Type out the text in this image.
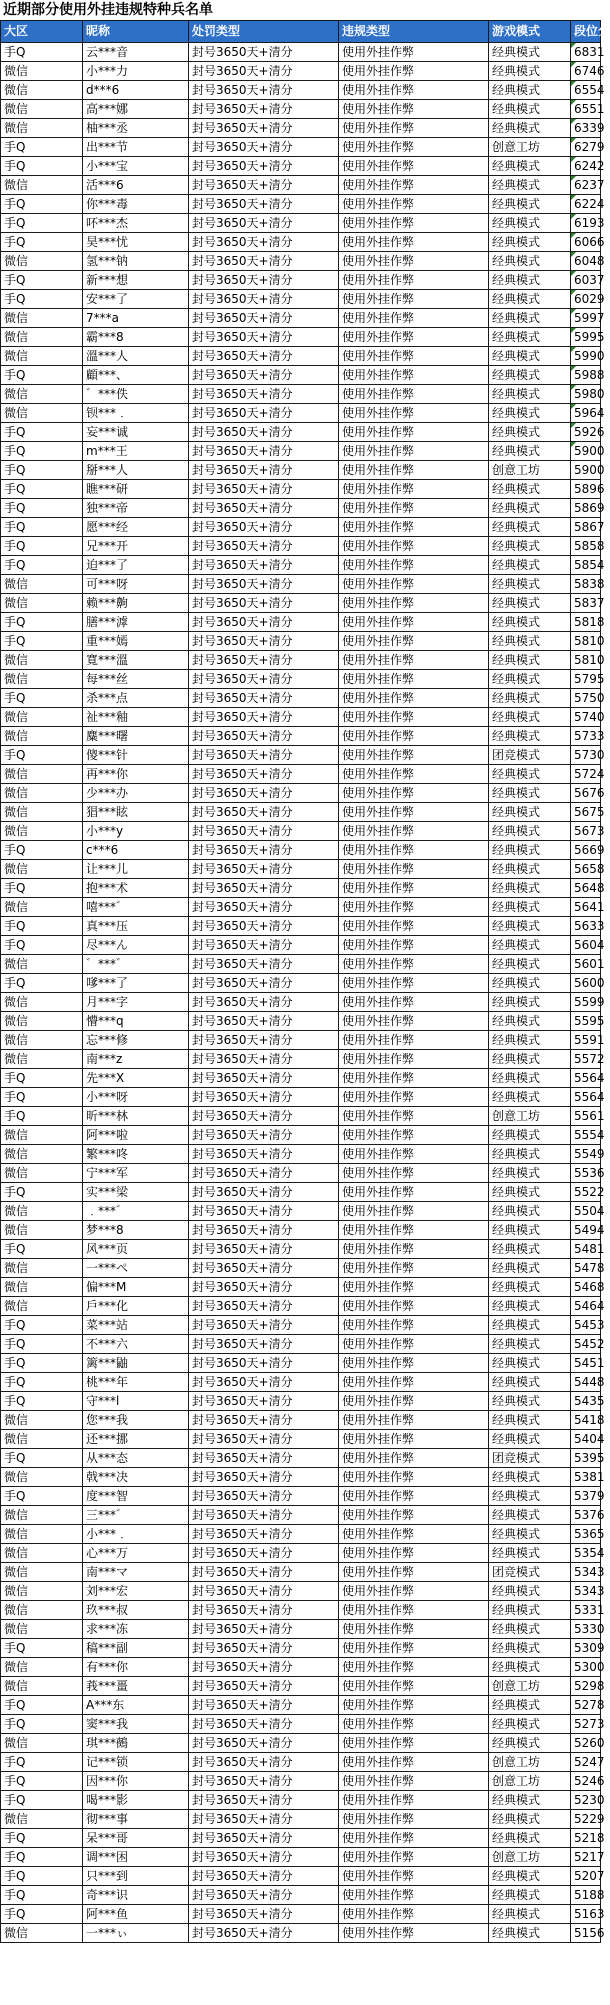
近期部分使用外挂违规特种兵名单
大区	昵称	处罚类型	违规类型	游戏模式	段位分
手Q	云***音	封号3650天+清分	使用外挂作弊	经典模式	6831
微信	小***力	封号3650天+清分	使用外挂作弊	经典模式	6746
微信	d***6	封号3650天+清分	使用外挂作弊	经典模式	6554
微信	高***娜	封号3650天+清分	使用外挂作弊	经典模式	6551
微信	柚***丞	封号3650天+清分	使用外挂作弊	经典模式	6339
手Q	出***节	封号3650天+清分	使用外挂作弊	创意工坊	6279
手Q	小***宝	封号3650天+清分	使用外挂作弊	经典模式	6242
微信	活***6	封号3650天+清分	使用外挂作弊	经典模式	6237
手Q	你***毒	封号3650天+清分	使用外挂作弊	经典模式	6224
手Q	吥***杰	封号3650天+清分	使用外挂作弊	经典模式	6193
手Q	昊***忧	封号3650天+清分	使用外挂作弊	经典模式	6066
微信	氢***钠	封号3650天+清分	使用外挂作弊	经典模式	6048
手Q	新***想	封号3650天+清分	使用外挂作弊	经典模式	6037
手Q	安***了	封号3650天+清分	使用外挂作弊	经典模式	6029
微信	7***a	封号3650天+清分	使用外挂作弊	经典模式	5997
微信	霸***8	封号3650天+清分	使用外挂作弊	经典模式	5995
微信	溫***人	封号3650天+清分	使用外挂作弊	经典模式	5990
手Q	顧***、	封号3650天+清分	使用外挂作弊	经典模式	5988
微信	゛***佚	封号3650天+清分	使用外挂作弊	经典模式	5980
微信	钡***﹒	封号3650天+清分	使用外挂作弊	经典模式	5964
手Q	妄***诚	封号3650天+清分	使用外挂作弊	经典模式	5926
手Q	m***王	封号3650天+清分	使用外挂作弊	经典模式	5900
手Q	掰***人	封号3650天+清分	使用外挂作弊	创意工坊	5900
手Q	瞧***研	封号3650天+清分	使用外挂作弊	经典模式	5896
手Q	独***帝	封号3650天+清分	使用外挂作弊	经典模式	5869
手Q	愿***经	封号3650天+清分	使用外挂作弊	经典模式	5867
手Q	兄***开	封号3650天+清分	使用外挂作弊	经典模式	5858
手Q	迫***了	封号3650天+清分	使用外挂作弊	经典模式	5854
微信	可***呀	封号3650天+清分	使用外挂作弊	经典模式	5838
微信	赖***齁	封号3650天+清分	使用外挂作弊	经典模式	5837
手Q	膳***滹	封号3650天+清分	使用外挂作弊	经典模式	5818
手Q	重***嫣	封号3650天+清分	使用外挂作弊	经典模式	5810
微信	寬***溫	封号3650天+清分	使用外挂作弊	经典模式	5810
微信	每***丝	封号3650天+清分	使用外挂作弊	经典模式	5795
手Q	杀***点	封号3650天+清分	使用外挂作弊	经典模式	5750
微信	祉***釉	封号3650天+清分	使用外挂作弊	经典模式	5740
微信	麋***曙	封号3650天+清分	使用外挂作弊	经典模式	5733
手Q	傻***针	封号3650天+清分	使用外挂作弊	团竞模式	5730
微信	再***你	封号3650天+清分	使用外挂作弊	经典模式	5724
微信	少***办	封号3650天+清分	使用外挂作弊	经典模式	5676
微信	猖***眩	封号3650天+清分	使用外挂作弊	经典模式	5675
微信	小***y	封号3650天+清分	使用外挂作弊	经典模式	5673
手Q	c***6	封号3650天+清分	使用外挂作弊	经典模式	5669
微信	让***儿	封号3650天+清分	使用外挂作弊	经典模式	5658
手Q	抱***术	封号3650天+清分	使用外挂作弊	经典模式	5648
微信	嘻***゛	封号3650天+清分	使用外挂作弊	经典模式	5641
手Q	真***压	封号3650天+清分	使用外挂作弊	经典模式	5633
手Q	尽***ん	封号3650天+清分	使用外挂作弊	经典模式	5604
微信	゛***゛	封号3650天+清分	使用外挂作弊	经典模式	5601
手Q	嗲***了	封号3650天+清分	使用外挂作弊	经典模式	5600
微信	月***字	封号3650天+清分	使用外挂作弊	经典模式	5599
微信	懵***q	封号3650天+清分	使用外挂作弊	经典模式	5595
微信	忘***修	封号3650天+清分	使用外挂作弊	经典模式	5591
微信	南***z	封号3650天+清分	使用外挂作弊	经典模式	5572
手Q	先***X	封号3650天+清分	使用外挂作弊	经典模式	5564
手Q	小***呀	封号3650天+清分	使用外挂作弊	经典模式	5564
手Q	昕***林	封号3650天+清分	使用外挂作弊	创意工坊	5561
微信	阿***啦	封号3650天+清分	使用外挂作弊	经典模式	5554
微信	繁***咚	封号3650天+清分	使用外挂作弊	经典模式	5549
微信	宁***军	封号3650天+清分	使用外挂作弊	经典模式	5536
手Q	实***梁	封号3650天+清分	使用外挂作弊	经典模式	5522
微信	﹒***゛	封号3650天+清分	使用外挂作弊	经典模式	5504
微信	梦***8	封号3650天+清分	使用外挂作弊	经典模式	5494
手Q	风***页	封号3650天+清分	使用外挂作弊	经典模式	5481
微信	一***ぺ	封号3650天+清分	使用外挂作弊	经典模式	5478
微信	偏***M	封号3650天+清分	使用外挂作弊	经典模式	5468
微信	戶***化	封号3650天+清分	使用外挂作弊	经典模式	5464
手Q	菜***站	封号3650天+清分	使用外挂作弊	经典模式	5453
手Q	不***六	封号3650天+清分	使用外挂作弊	经典模式	5452
手Q	篱***鼬	封号3650天+清分	使用外挂作弊	经典模式	5451
手Q	桃***年	封号3650天+清分	使用外挂作弊	经典模式	5448
手Q	守***l	封号3650天+清分	使用外挂作弊	经典模式	5435
微信	您***我	封号3650天+清分	使用外挂作弊	经典模式	5418
微信	还***挪	封号3650天+清分	使用外挂作弊	经典模式	5404
手Q	从***态	封号3650天+清分	使用外挂作弊	团竞模式	5395
微信	戟***决	封号3650天+清分	使用外挂作弊	经典模式	5381
手Q	度***智	封号3650天+清分	使用外挂作弊	经典模式	5379
微信	三***゛	封号3650天+清分	使用外挂作弊	经典模式	5376
微信	小***﹒	封号3650天+清分	使用外挂作弊	经典模式	5365
微信	心***万	封号3650天+清分	使用外挂作弊	经典模式	5354
微信	南***マ	封号3650天+清分	使用外挂作弊	团竞模式	5343
微信	刘***宏	封号3650天+清分	使用外挂作弊	经典模式	5343
微信	玖***叔	封号3650天+清分	使用外挂作弊	经典模式	5331
微信	求***冻	封号3650天+清分	使用外挂作弊	经典模式	5330
手Q	稿***副	封号3650天+清分	使用外挂作弊	经典模式	5309
微信	有***你	封号3650天+清分	使用外挂作弊	经典模式	5300
微信	莪***畺	封号3650天+清分	使用外挂作弊	创意工坊	5298
手Q	A***东	封号3650天+清分	使用外挂作弊	经典模式	5278
手Q	窦***我	封号3650天+清分	使用外挂作弊	经典模式	5273
微信	琪***鵺	封号3650天+清分	使用外挂作弊	经典模式	5260
手Q	记***锁	封号3650天+清分	使用外挂作弊	创意工坊	5247
手Q	因***你	封号3650天+清分	使用外挂作弊	创意工坊	5246
手Q	喝***影	封号3650天+清分	使用外挂作弊	经典模式	5230
微信	彻***事	封号3650天+清分	使用外挂作弊	经典模式	5229
手Q	呆***哥	封号3650天+清分	使用外挂作弊	经典模式	5218
手Q	调***困	封号3650天+清分	使用外挂作弊	创意工坊	5217
手Q	只***到	封号3650天+清分	使用外挂作弊	经典模式	5207
手Q	奇***识	封号3650天+清分	使用外挂作弊	经典模式	5188
手Q	阿***鱼	封号3650天+清分	使用外挂作弊	经典模式	5163
微信	一***ぃ	封号3650天+清分	使用外挂作弊	经典模式	5156
